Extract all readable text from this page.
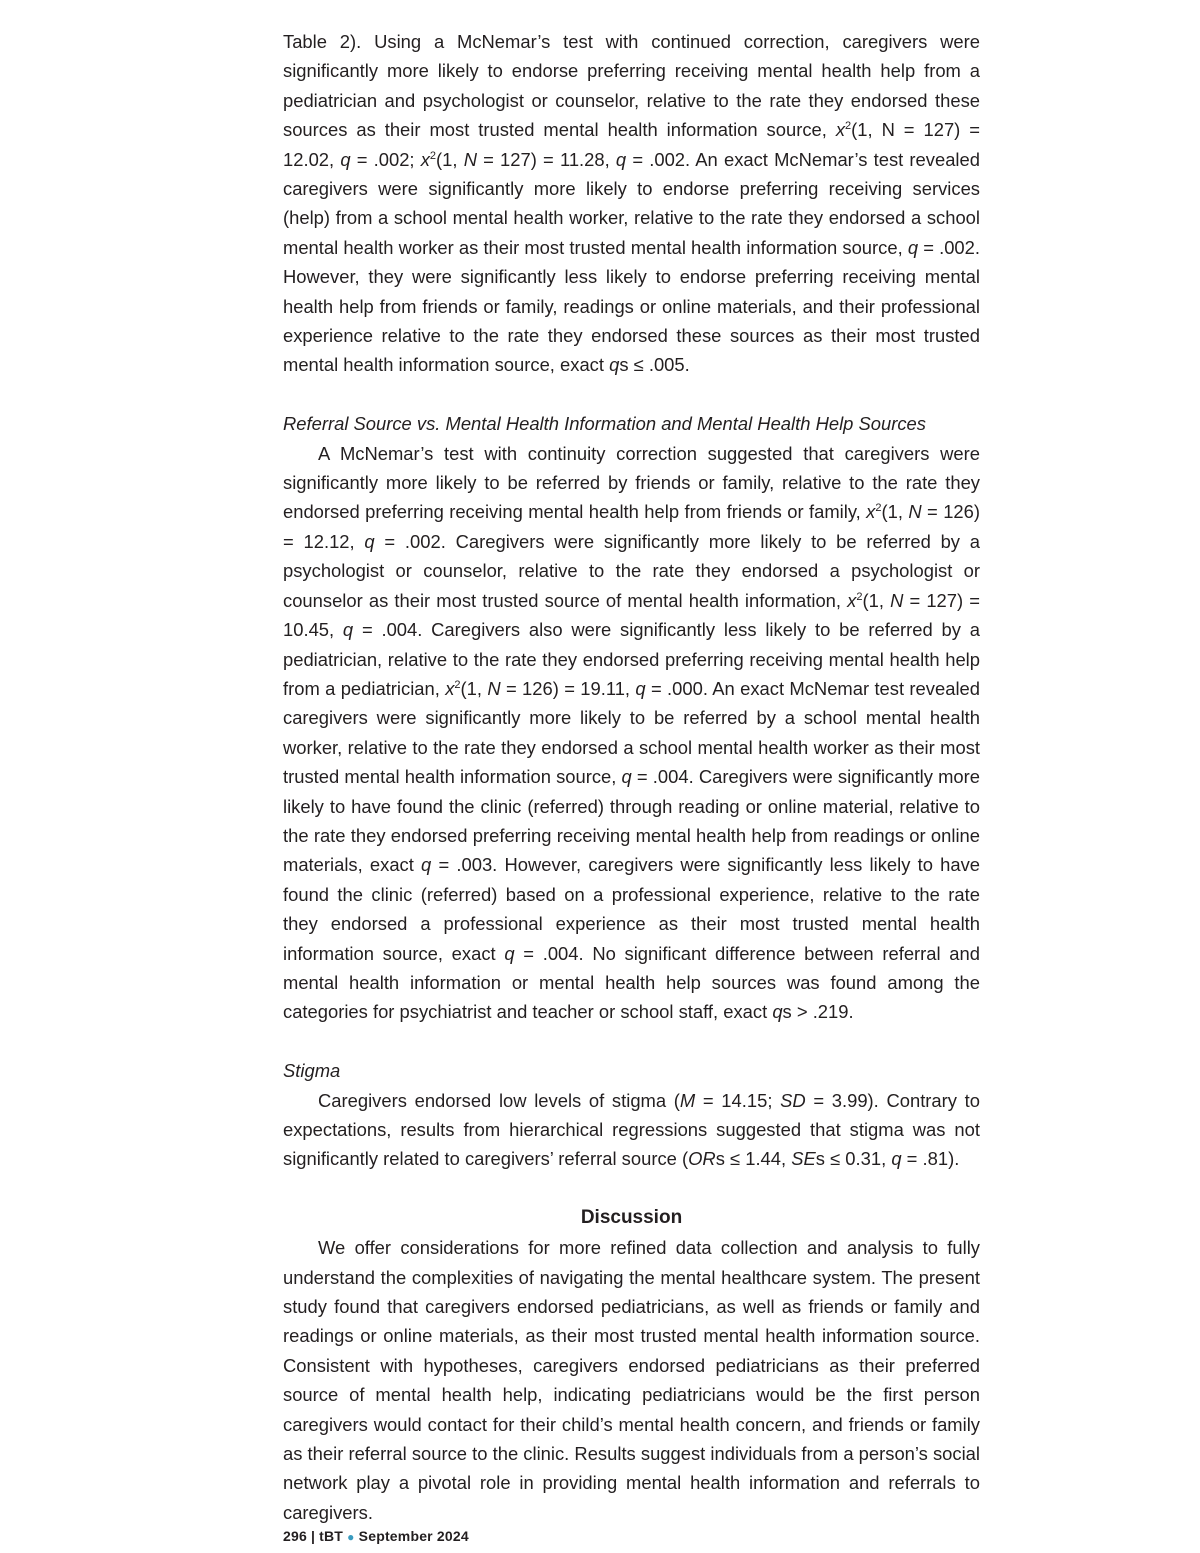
Table 2). Using a McNemar’s test with continued correction, caregivers were significantly more likely to endorse preferring receiving mental health help from a pediatrician and psychologist or counselor, relative to the rate they endorsed these sources as their most trusted mental health information source, $x^2(1$, N = 127) = 12.02, q = .002; $x^2(1$, N = 127) = 11.28, q = .002. An exact McNemar’s test revealed caregivers were significantly more likely to endorse preferring receiving services (help) from a school mental health worker, relative to the rate they endorsed a school mental health worker as their most trusted mental health information source, q = .002. However, they were significantly less likely to endorse preferring receiving mental health help from friends or family, readings or online materials, and their professional experience relative to the rate they endorsed these sources as their most trusted mental health information source, exact qs ≤ .005.

Referral Source vs. Mental Health Information and Mental Health Help Sources

A McNemar’s test with continuity correction suggested that caregivers were significantly more likely to be referred by friends or family, relative to the rate they endorsed preferring receiving mental health help from friends or family, $x^2(1$, N = 126) = 12.12, q = .002. Caregivers were significantly more likely to be referred by a psychologist or counselor, relative to the rate they endorsed a psychologist or counselor as their most trusted source of mental health information, $x^2(1$, N = 127) = 10.45, q = .004. Caregivers also were significantly less likely to be referred by a pediatrician, relative to the rate they endorsed preferring receiving mental health help from a pediatrician, $x^2(1$, N = 126) = 19.11, q = .000. An exact McNemar test revealed caregivers were significantly more likely to be referred by a school mental health worker, relative to the rate they endorsed a school mental health worker as their most trusted mental health information source, q = .004. Caregivers were significantly more likely to have found the clinic (referred) through reading or online material, relative to the rate they endorsed preferring receiving mental health help from readings or online materials, exact q = .003. However, caregivers were significantly less likely to have found the clinic (referred) based on a professional experience, relative to the rate they endorsed a professional experience as their most trusted mental health information source, exact q = .004. No significant difference between referral and mental health information or mental health help sources was found among the categories for psychiatrist and teacher or school staff, exact qs > .219.

Stigma

Caregivers endorsed low levels of stigma (M = 14.15; SD = 3.99). Contrary to expectations, results from hierarchical regressions suggested that stigma was not significantly related to caregivers’ referral source (ORs ≤ 1.44, SEs ≤ 0.31, q = .81).

Discussion

We offer considerations for more refined data collection and analysis to fully understand the complexities of navigating the mental healthcare system. The present study found that caregivers endorsed pediatricians, as well as friends or family and readings or online materials, as their most trusted mental health information source. Consistent with hypotheses, caregivers endorsed pediatricians as their preferred source of mental health help, indicating pediatricians would be the first person caregivers would contact for their child’s mental health concern, and friends or family as their referral source to the clinic. Results suggest individuals from a person’s social network play a pivotal role in providing mental health information and referrals to caregivers.

296 | tBT ● September 2024
